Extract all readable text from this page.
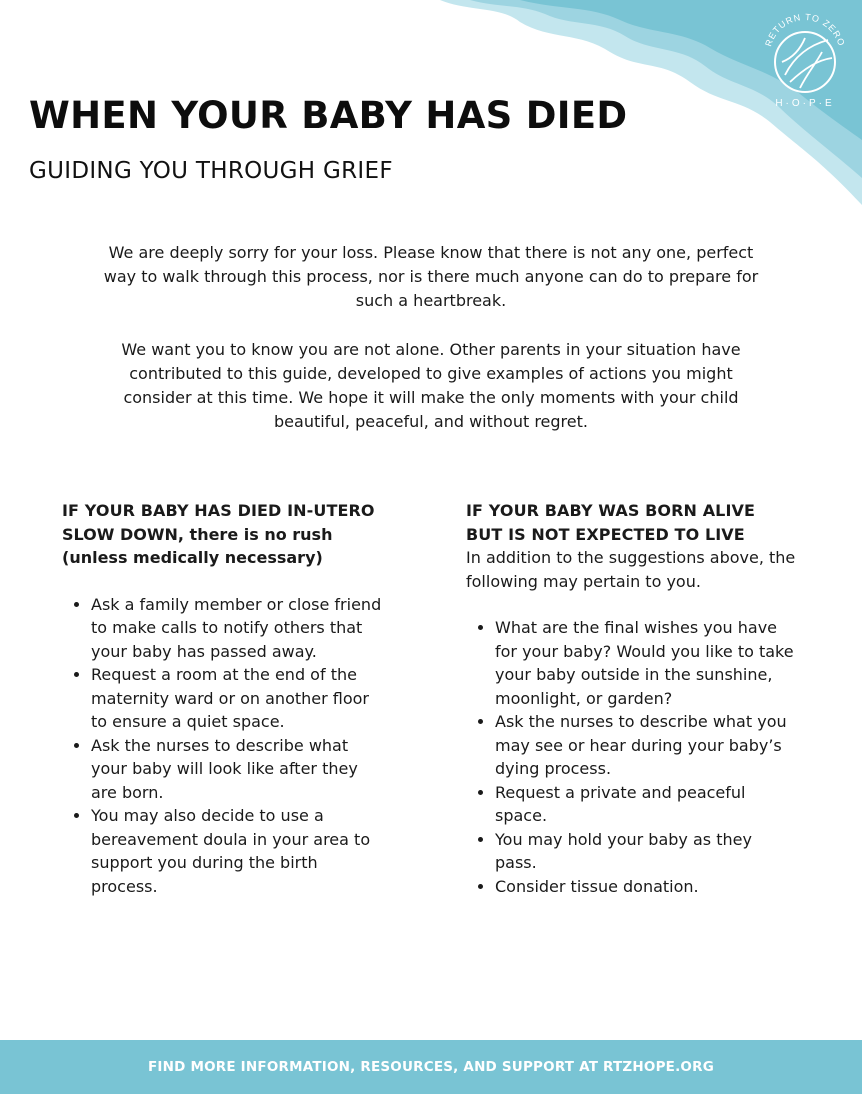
RETURN TO ZERO
H·O·P·E
WHEN YOUR BABY HAS DIED
GUIDING YOU THROUGH GRIEF

We are deeply sorry for your loss. Please know that there is not any one, perfect way to walk through this process, nor is there much anyone can do to prepare for such a heartbreak.

We want you to know you are not alone. Other parents in your situation have contributed to this guide, developed to give examples of actions you might consider at this time. We hope it will make the only moments with your child beautiful, peaceful, and without regret.

IF YOUR BABY HAS DIED IN-UTERO
SLOW DOWN, there is no rush (unless medically necessary)
• Ask a family member or close friend to make calls to notify others that your baby has passed away.
• Request a room at the end of the maternity ward or on another floor to ensure a quiet space.
• Ask the nurses to describe what your baby will look like after they are born.
• You may also decide to use a bereavement doula in your area to support you during the birth process.
IF YOUR BABY WAS BORN ALIVE BUT IS NOT EXPECTED TO LIVE
In addition to the suggestions above, the following may pertain to you.
• What are the final wishes you have for your baby? Would you like to take your baby outside in the sunshine, moonlight, or garden?
• Ask the nurses to describe what you may see or hear during your baby’s dying process.
• Request a private and peaceful space.
• You may hold your baby as they pass.
• Consider tissue donation.
FIND MORE INFORMATION, RESOURCES, AND SUPPORT AT RTZHOPE.ORG
